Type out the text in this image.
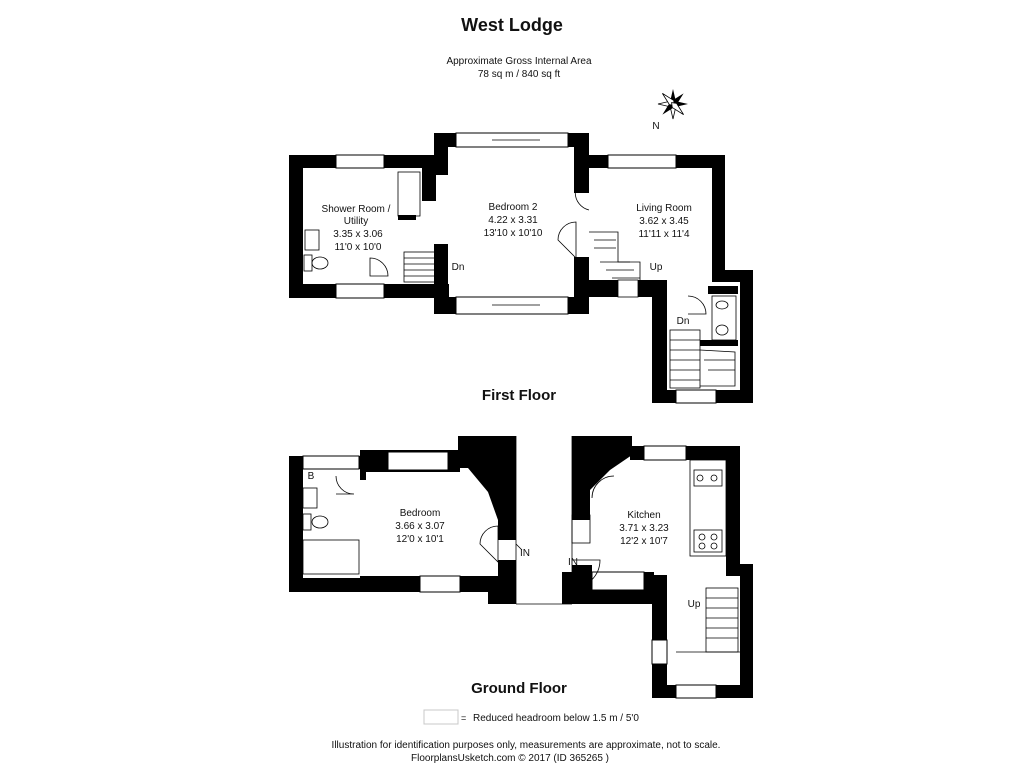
West Lodge
Approximate Gross Internal Area
78 sq m / 840 sq ft
N
Shower Room /
Utility
3.35 x 3.06
11'0 x 10'0
Bedroom 2
4.22 x 3.31
13'10 x 10'10
Living Room
3.62 x 3.45
11'11 x 11'4
Dn	Up
Dn
First Floor
B
Bedroom
3.66 x 3.07
12'0 x 10'1
Kitchen
3.71 x 3.23
12'2 x 10'7
IN
IN
Up
Ground Floor
= Reduced headroom below 1.5 m / 5'0
Illustration for identification purposes only, measurements are approximate, not to scale.
FloorplansUsketch.com © 2017 (ID 365265 )
